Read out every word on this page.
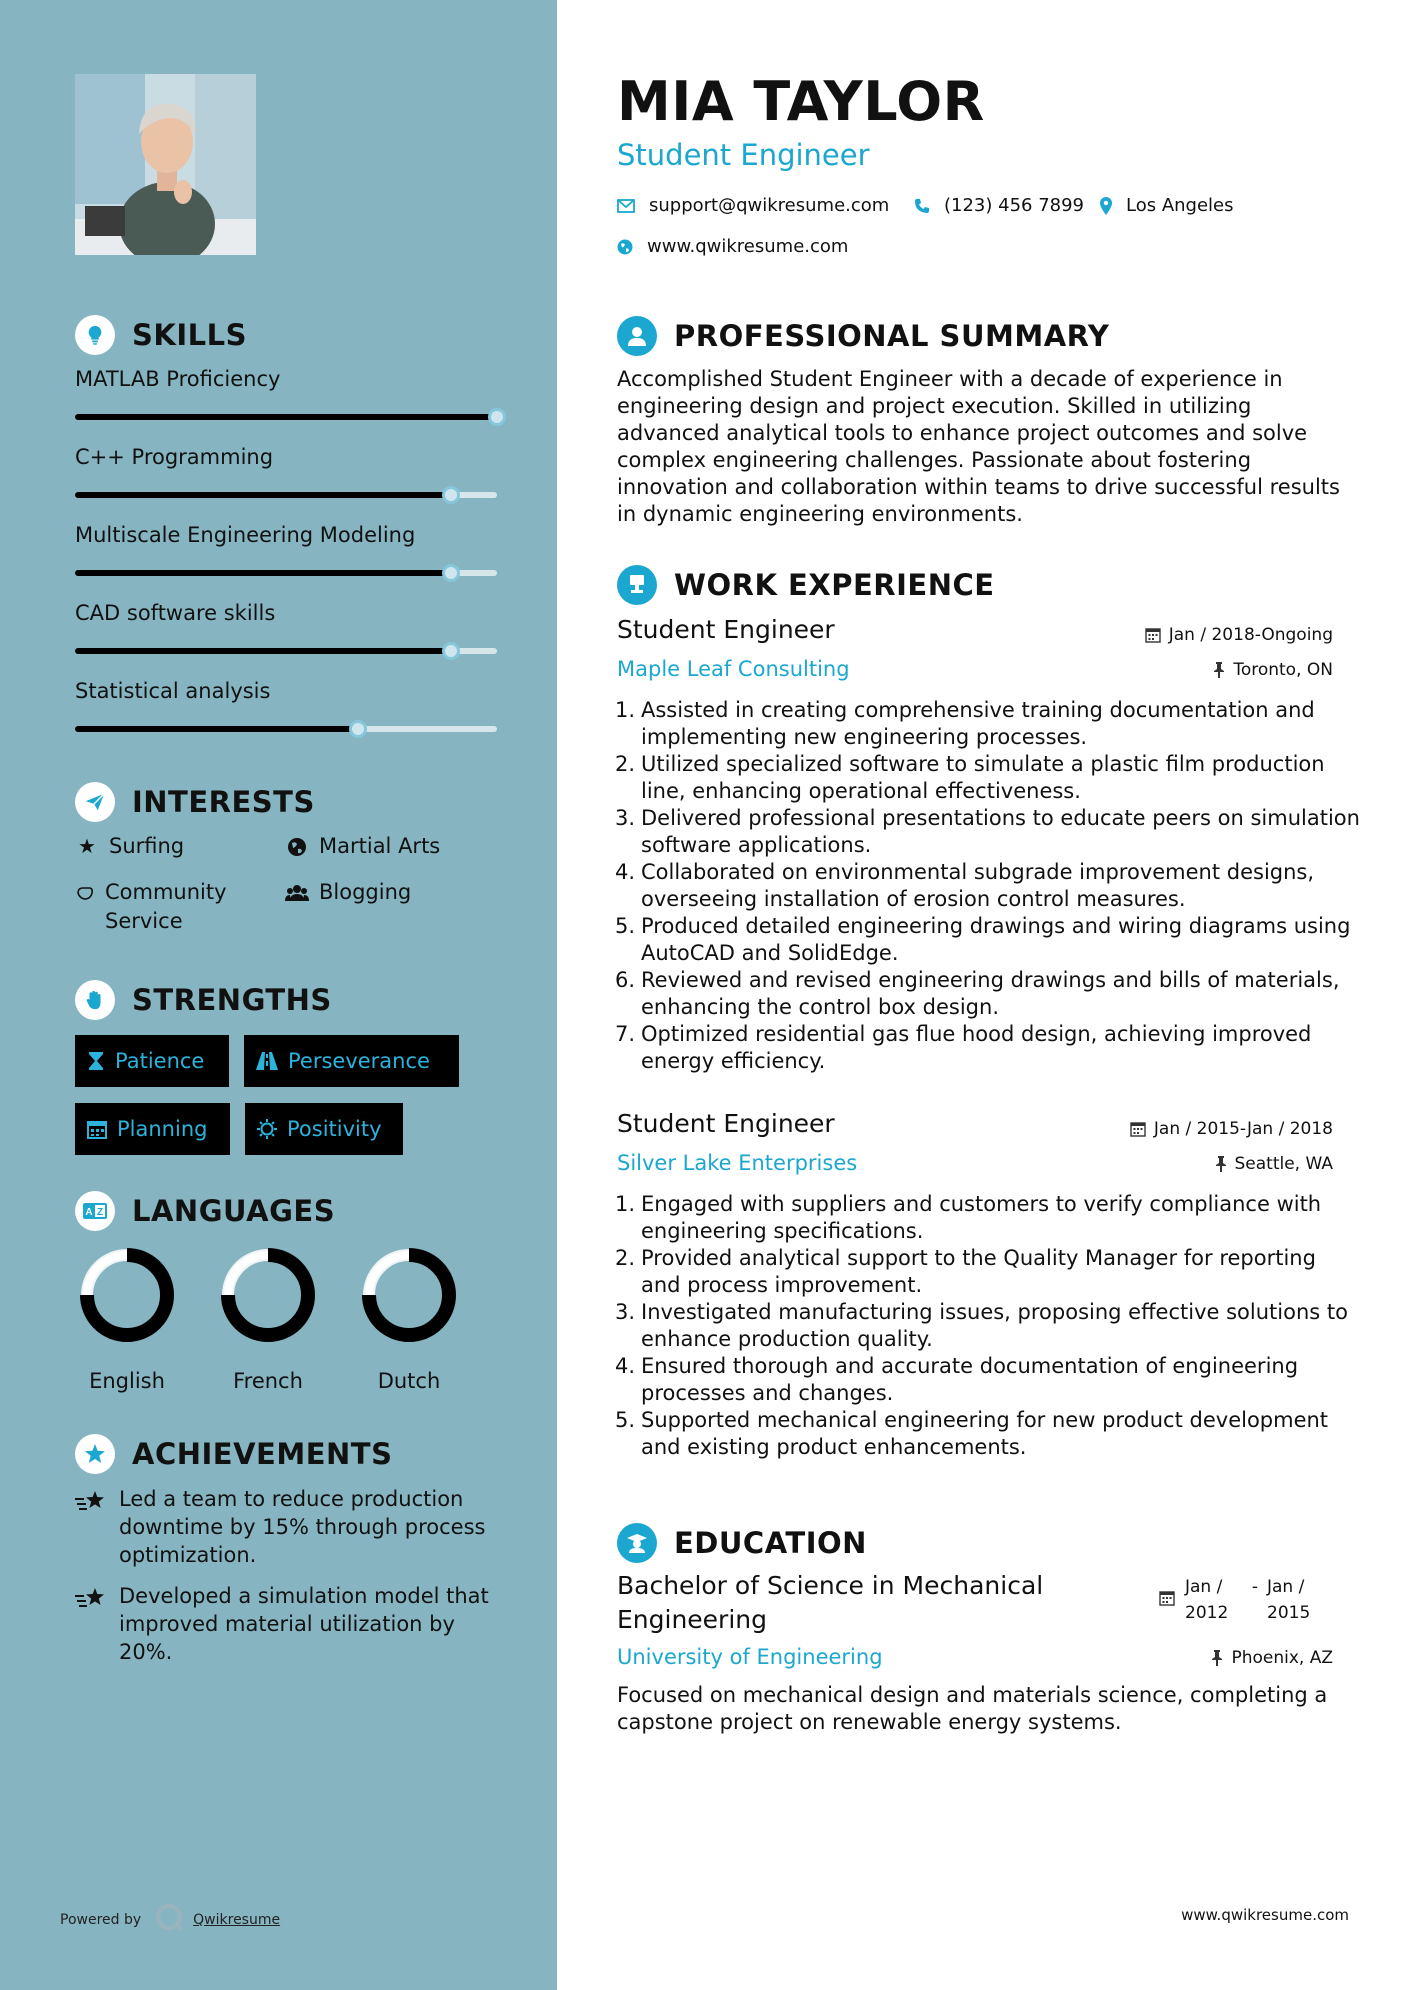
SKILLS
MATLAB Proficiency
C++ Programming
Multiscale Engineering Modeling
CAD software skills
Statistical analysis
INTERESTS
★ Surfing	Martial Arts
Community Service
Blogging
STRENGTHS
Patience	Perseverance
Planning	Positivity
A Z LANGUAGES
English	French	Dutch
ACHIEVEMENTS
Led a team to reduce production downtime by 15% through process optimization.
Developed a simulation model that improved material utilization by 20%.
Powered by	Qwikresume
MIA TAYLOR
Student Engineer
support@qwikresume.com	(123) 456 7899 Los Angeles
www.qwikresume.com
PROFESSIONAL SUMMARY
Accomplished Student Engineer with a decade of experience in engineering design and project execution. Skilled in utilizing advanced analytical tools to enhance project outcomes and solve complex engineering challenges. Passionate about fostering innovation and collaboration within teams to drive successful results in dynamic engineering environments.
WORK EXPERIENCE
Student Engineer	Jan / 2018-Ongoing
Maple Leaf Consulting	Toronto, ON
1. Assisted in creating comprehensive training documentation and implementing new engineering processes.
2. Utilized specialized software to simulate a plastic film production line, enhancing operational effectiveness.
3. Delivered professional presentations to educate peers on simulation software applications.
4. Collaborated on environmental subgrade improvement designs, overseeing installation of erosion control measures.
5. Produced detailed engineering drawings and wiring diagrams using AutoCAD and SolidEdge.
6. Reviewed and revised engineering drawings and bills of materials, enhancing the control box design.
7. Optimized residential gas flue hood design, achieving improved energy efficiency.
Student Engineer	Jan / 2015-Jan / 2018
Silver Lake Enterprises	Seattle, WA
1. Engaged with suppliers and customers to verify compliance with engineering specifications.
2. Provided analytical support to the Quality Manager for reporting and process improvement.
3. Investigated manufacturing issues, proposing effective solutions to enhance production quality.
4. Ensured thorough and accurate documentation of engineering processes and changes.
5. Supported mechanical engineering for new product development and existing product enhancements.
EDUCATION
Bachelor of Science in Mechanical Engineering
Jan / 2012
- Jan / 2015
University of Engineering	Phoenix, AZ
Focused on mechanical design and materials science, completing a capstone project on renewable energy systems.
www.qwikresume.com
